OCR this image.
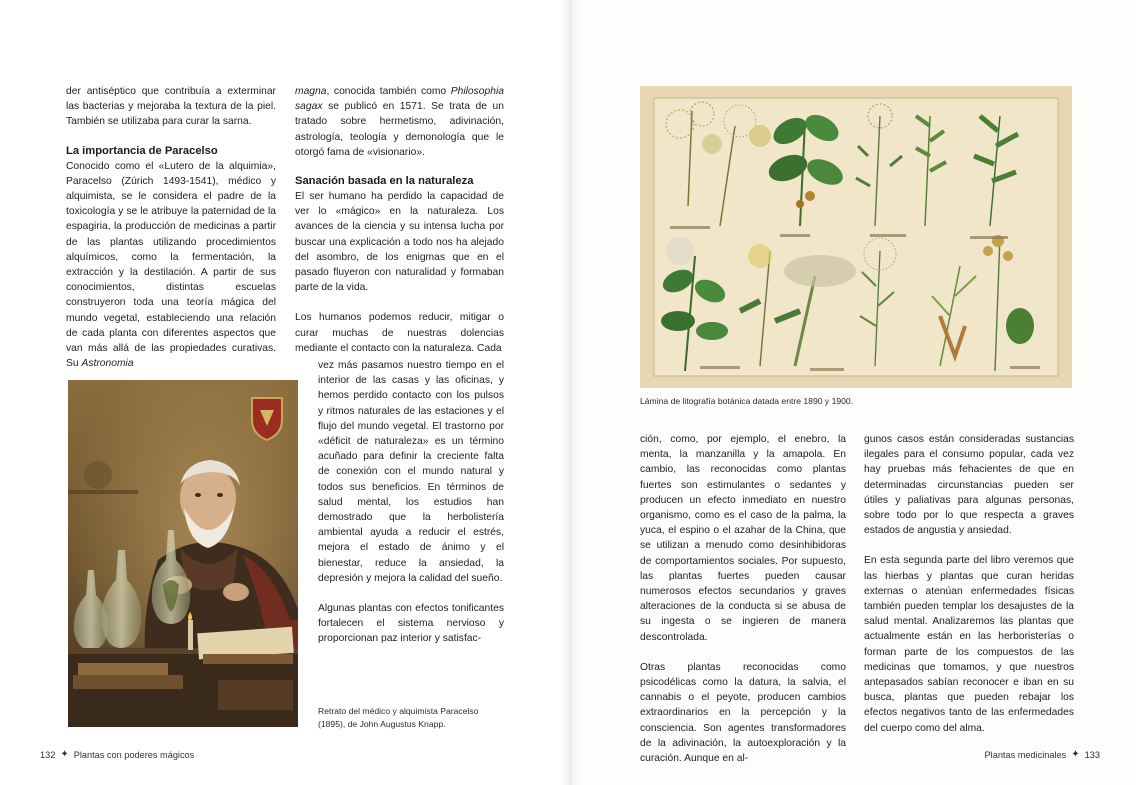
der antiséptico que contribuía a exterminar las bacterias y mejoraba la textura de la piel. También se utilizaba para curar la sarna.

La importancia de Paracelso

Conocido como el «Lutero de la alquimia», Paracelso (Zúrich 1493-1541), médico y alquimista, se le considera el padre de la toxicología y se le atribuye la paternidad de la espagiria, la producción de medicinas a partir de las plantas utilizando procedimientos alquímicos, como la fermentación, la extracción y la destilación. A partir de sus conocimientos, distintas escuelas construyeron toda una teoría mágica del mundo vegetal, estableciendo una relación de cada planta con diferentes aspectos que van más allá de las propiedades curativas. Su Astronomia

magna, conocida también como Philosophia sagax se publicó en 1571. Se trata de un tratado sobre hermetismo, adivinación, astrología, teología y demonología que le otorgó fama de «visionario».

Sanación basada en la naturaleza

El ser humano ha perdido la capacidad de ver lo «mágico» en la naturaleza. Los avances de la ciencia y su intensa lucha por buscar una explicación a todo nos ha alejado del asombro, de los enigmas que en el pasado fluyeron con naturalidad y formaban parte de la vida.

Los humanos podemos reducir, mitigar o curar muchas de nuestras dolencias mediante el contacto con la naturaleza. Cada

vez más pasamos nuestro tiempo en el interior de las casas y las oficinas, y hemos perdido contacto con los pulsos y ritmos naturales de las estaciones y el flujo del mundo vegetal. El trastorno por «déficit de naturaleza» es un término acuñado para definir la creciente falta de conexión con el mundo natural y todos sus beneficios. En términos de salud mental, los estudios han demostrado que la herbolistería ambiental ayuda a reducir el estrés, mejora el estado de ánimo y el bienestar, reduce la ansiedad, la depresión y mejora la calidad del sueño.

Algunas plantas con efectos tonificantes fortalecen el sistema nervioso y proporcionan paz interior y satisfac-

Retrato del médico y alquimista Paracelso (1895), de John Augustus Knapp.
132 ✦ Plantas con poderes mágicos
Lámina de litografía botánica datada entre 1890 y 1900.

ción, como, por ejemplo, el enebro, la menta, la manzanilla y la amapola. En cambio, las reconocidas como plantas fuertes son estimulantes o sedantes y producen un efecto inmediato en nuestro organismo, como es el caso de la palma, la yuca, el espino o el azahar de la China, que se utilizan a menudo como desinhibidoras de comportamientos sociales. Por supuesto, las plantas fuertes pueden causar numerosos efectos secundarios y graves alteraciones de la conducta si se abusa de su ingesta o se ingieren de manera descontrolada.

Otras plantas reconocidas como psicodélicas como la datura, la salvia, el cannabis o el peyote, producen cambios extraordinarios en la percepción y la consciencia. Son agentes transformadores de la adivinación, la autoexploración y la curación. Aunque en al-

gunos casos están consideradas sustancias ilegales para el consumo popular, cada vez hay pruebas más fehacientes de que en determinadas circunstancias pueden ser útiles y paliativas para algunas personas, sobre todo por lo que respecta a graves estados de angustia y ansiedad.

En esta segunda parte del libro veremos que las hierbas y plantas que curan heridas externas o atenúan enfermedades físicas también pueden templar los desajustes de la salud mental. Analizaremos las plantas que actualmente están en las herboristerías o forman parte de los compuestos de las medicinas que tomamos, y que nuestros antepasados sabían reconocer e iban en su busca, plantas que pueden rebajar los efectos negativos tanto de las enfermedades del cuerpo como del alma.

Plantas medicinales ✦ 133
